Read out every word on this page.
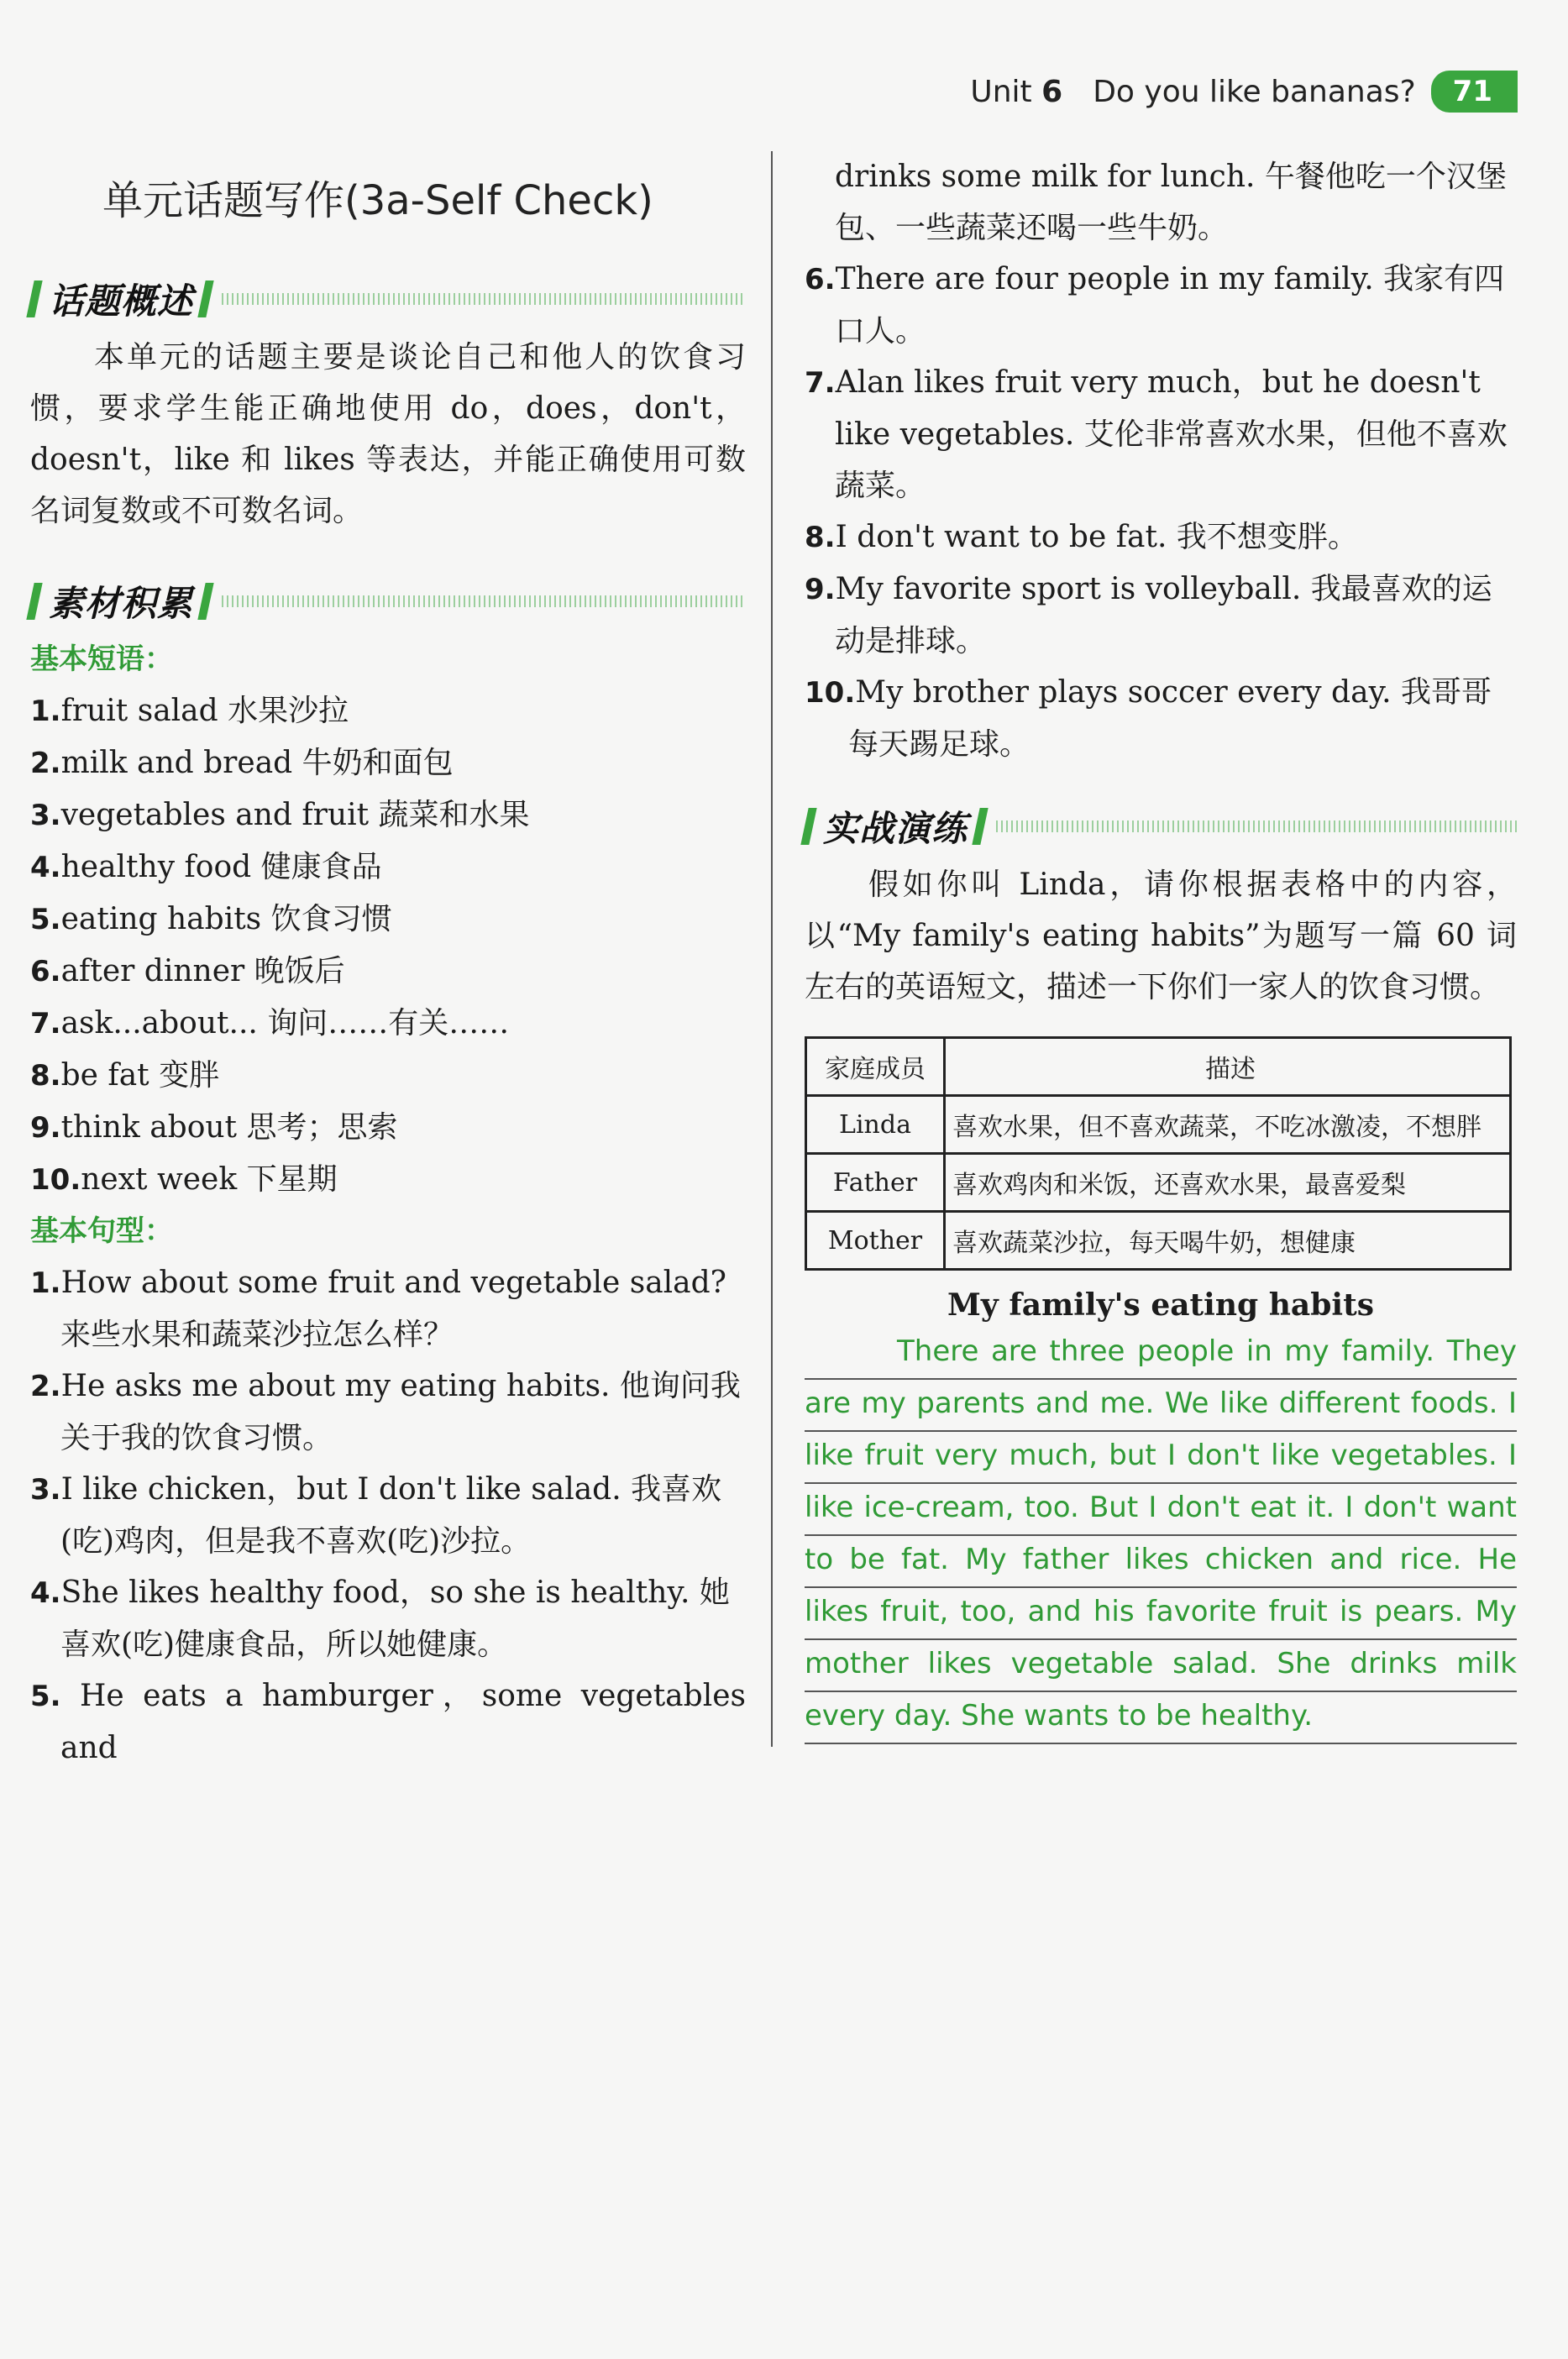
Unit 6 Do you like bananas?	71
单元话题写作(3a-Self Check)
话题概述
本单元的话题主要是谈论自己和他人的饮食习惯，要求学生能正确地使用 do，does，don't，doesn't，like 和 likes 等表达，并能正确使用可数名词复数或不可数名词。
素材积累
基本短语：
1.fruit salad 水果沙拉
2.milk and bread 牛奶和面包
3.vegetables and fruit 蔬菜和水果
4.healthy food 健康食品
5.eating habits 饮食习惯
6.after dinner 晚饭后
7.ask...about... 询问……有关……
8.be fat 变胖
9.think about 思考；思索
10.next week 下星期
基本句型：
1.How about some fruit and vegetable salad? 来些水果和蔬菜沙拉怎么样？
2.He asks me about my eating habits. 他询问我关于我的饮食习惯。
3.I like chicken，but I don't like salad. 我喜欢(吃)鸡肉，但是我不喜欢(吃)沙拉。
4.She likes healthy food，so she is healthy. 她喜欢(吃)健康食品，所以她健康。
5. He eats a hamburger，some vegetables and
drinks some milk for lunch. 午餐他吃一个汉堡包、一些蔬菜还喝一些牛奶。
6.There are four people in my family. 我家有四口人。
7.Alan likes fruit very much，but he doesn't like vegetables. 艾伦非常喜欢水果，但他不喜欢蔬菜。
8.I don't want to be fat. 我不想变胖。
9.My favorite sport is volleyball. 我最喜欢的运动是排球。
10.My brother plays soccer every day. 我哥哥每天踢足球。
实战演练
假如你叫 Linda，请你根据表格中的内容，以“My family's eating habits”为题写一篇 60 词左右的英语短文，描述一下你们一家人的饮食习惯。
家庭成员	描述
Linda	喜欢水果，但不喜欢蔬菜，不吃冰激凌，不想胖
Father	喜欢鸡肉和米饭，还喜欢水果，最喜爱梨
Mother	喜欢蔬菜沙拉，每天喝牛奶，想健康
My family's eating habits
There are three people in my family. They
are my parents and me. We like different foods. I
like fruit very much, but I don't like vegetables. I
like ice-cream, too. But I don't eat it. I don't want
to be fat. My father likes chicken and rice. He
likes fruit, too, and his favorite fruit is pears. My
mother likes vegetable salad. She drinks milk
every day. She wants to be healthy.
